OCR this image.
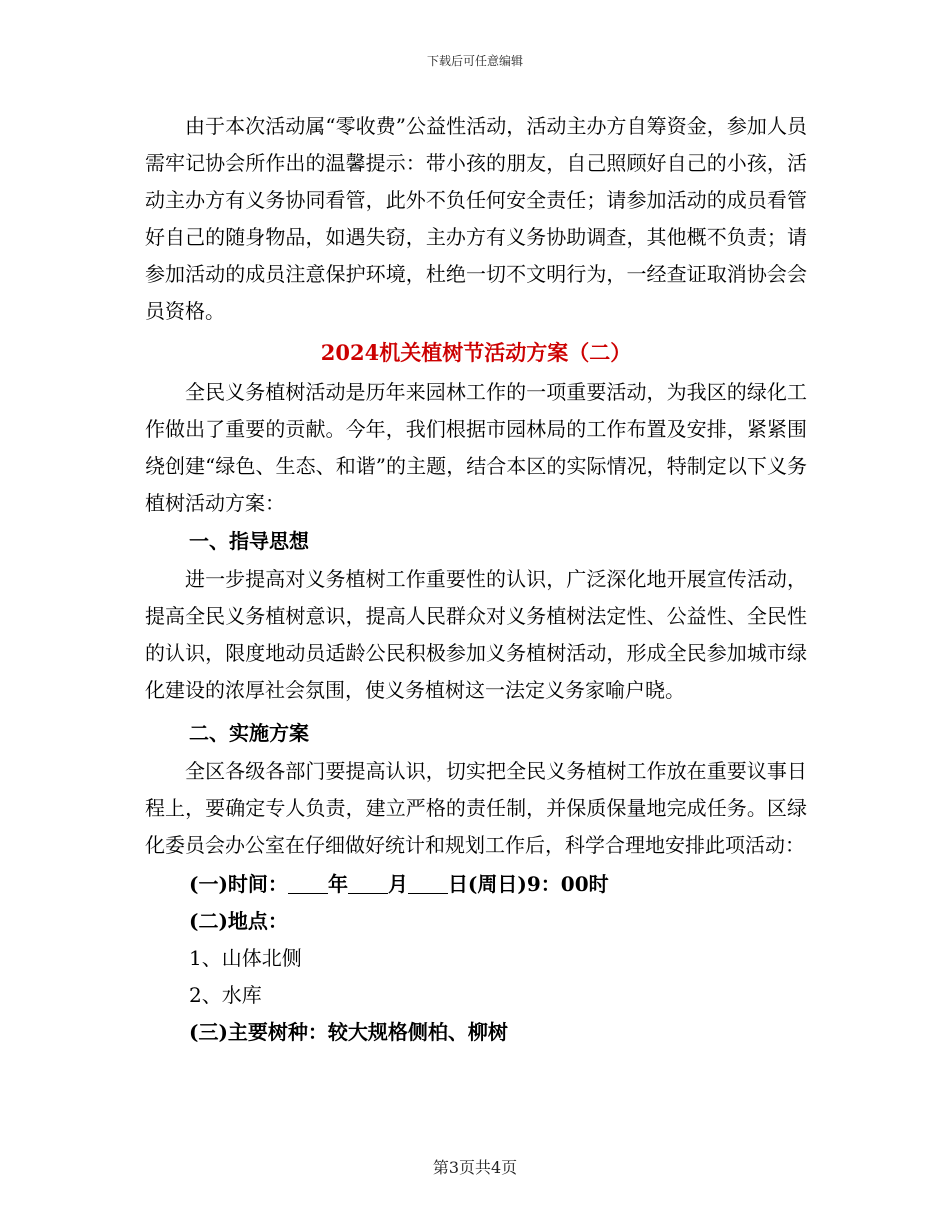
下载后可任意编辑

由于本次活动属“零收费”公益性活动，活动主办方自筹资金，参加人员需牢记协会所作出的温馨提示：带小孩的朋友，自己照顾好自己的小孩，活动主办方有义务协同看管，此外不负任何安全责任；请参加活动的成员看管好自己的随身物品，如遇失窃，主办方有义务协助调查，其他概不负责；请参加活动的成员注意保护环境，杜绝一切不文明行为，一经查证取消协会会员资格。

2024机关植树节活动方案（二）

全民义务植树活动是历年来园林工作的一项重要活动，为我区的绿化工作做出了重要的贡献。今年，我们根据市园林局的工作布置及安排，紧紧围绕创建“绿色、生态、和谐”的主题，结合本区的实际情况，特制定以下义务植树活动方案：

一、指导思想

进一步提高对义务植树工作重要性的认识，广泛深化地开展宣传活动，提高全民义务植树意识，提高人民群众对义务植树法定性、公益性、全民性的认识，限度地动员适龄公民积极参加义务植树活动，形成全民参加城市绿化建设的浓厚社会氛围，使义务植树这一法定义务家喻户晓。

二、实施方案

全区各级各部门要提高认识，切实把全民义务植树工作放在重要议事日程上，要确定专人负责，建立严格的责任制，并保质保量地完成任务。区绿化委员会办公室在仔细做好统计和规划工作后，科学合理地安排此项活动：

(一)时间： 年 月 日(周日)9：00时
(二)地点：
1、山体北侧
2、水库
(三)主要树种：较大规格侧柏、柳树
第3页共4页
